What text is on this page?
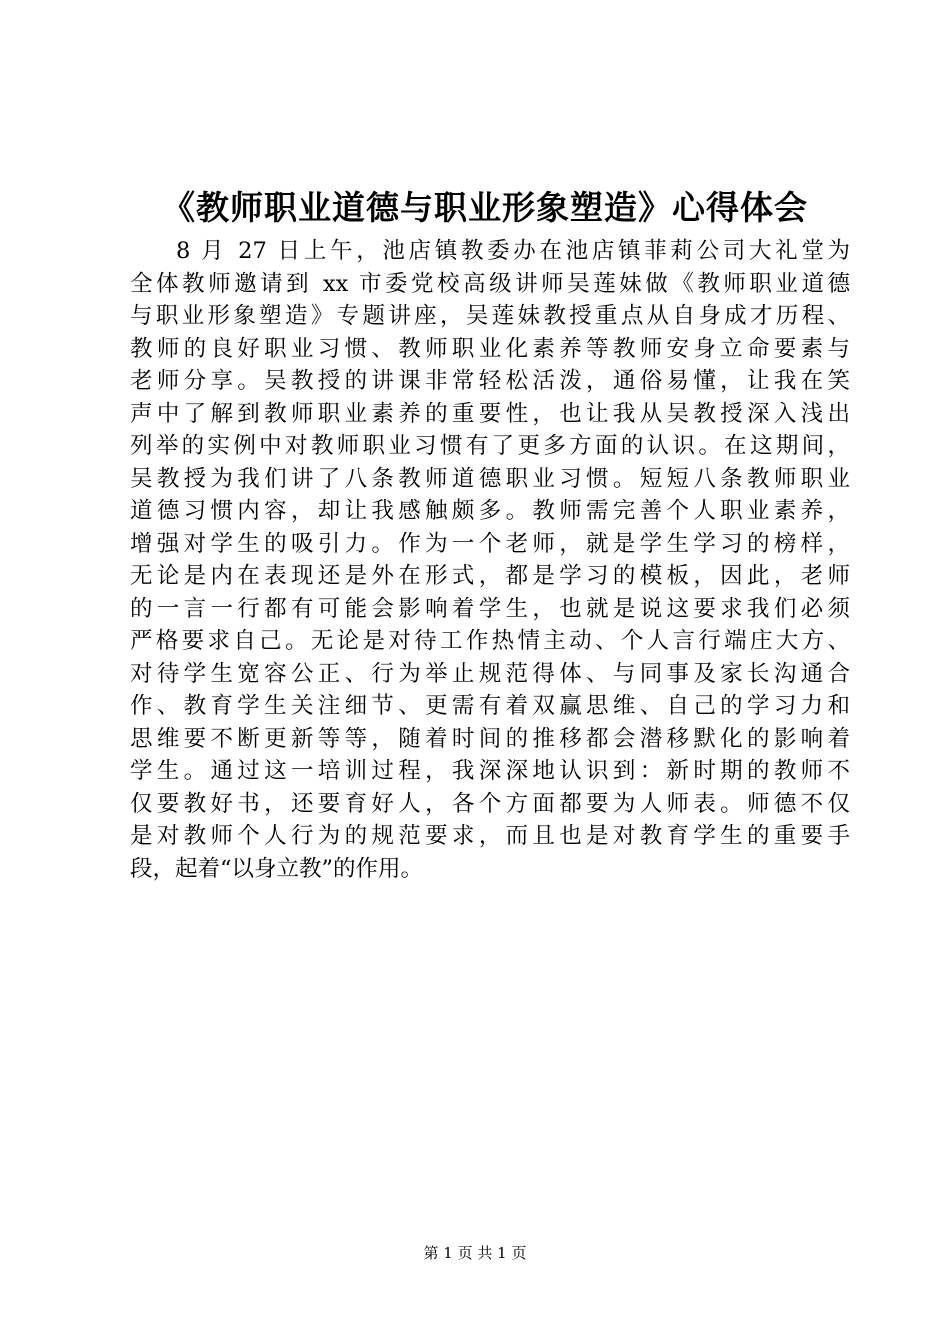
《教师职业道德与职业形象塑造》心得体会
8 月 27 日上午，池店镇教委办在池店镇菲莉公司大礼堂为
全体教师邀请到 xx 市委党校高级讲师吴莲妹做《教师职业道德
与职业形象塑造》专题讲座，吴莲妹教授重点从自身成才历程、
教师的良好职业习惯、教师职业化素养等教师安身立命要素与
老师分享。吴教授的讲课非常轻松活泼，通俗易懂，让我在笑
声中了解到教师职业素养的重要性，也让我从吴教授深入浅出
列举的实例中对教师职业习惯有了更多方面的认识。在这期间，
吴教授为我们讲了八条教师道德职业习惯。短短八条教师职业
道德习惯内容，却让我感触颇多。教师需完善个人职业素养，
增强对学生的吸引力。作为一个老师，就是学生学习的榜样，
无论是内在表现还是外在形式，都是学习的模板，因此，老师
的一言一行都有可能会影响着学生，也就是说这要求我们必须
严格要求自己。无论是对待工作热情主动、个人言行端庄大方、
对待学生宽容公正、行为举止规范得体、与同事及家长沟通合
作、教育学生关注细节、更需有着双赢思维、自己的学习力和
思维要不断更新等等，随着时间的推移都会潜移默化的影响着
学生。通过这一培训过程，我深深地认识到：新时期的教师不
仅要教好书，还要育好人，各个方面都要为人师表。师德不仅
是对教师个人行为的规范要求，而且也是对教育学生的重要手
段，起着“以身立教”的作用。
第 1 页 共 1 页
